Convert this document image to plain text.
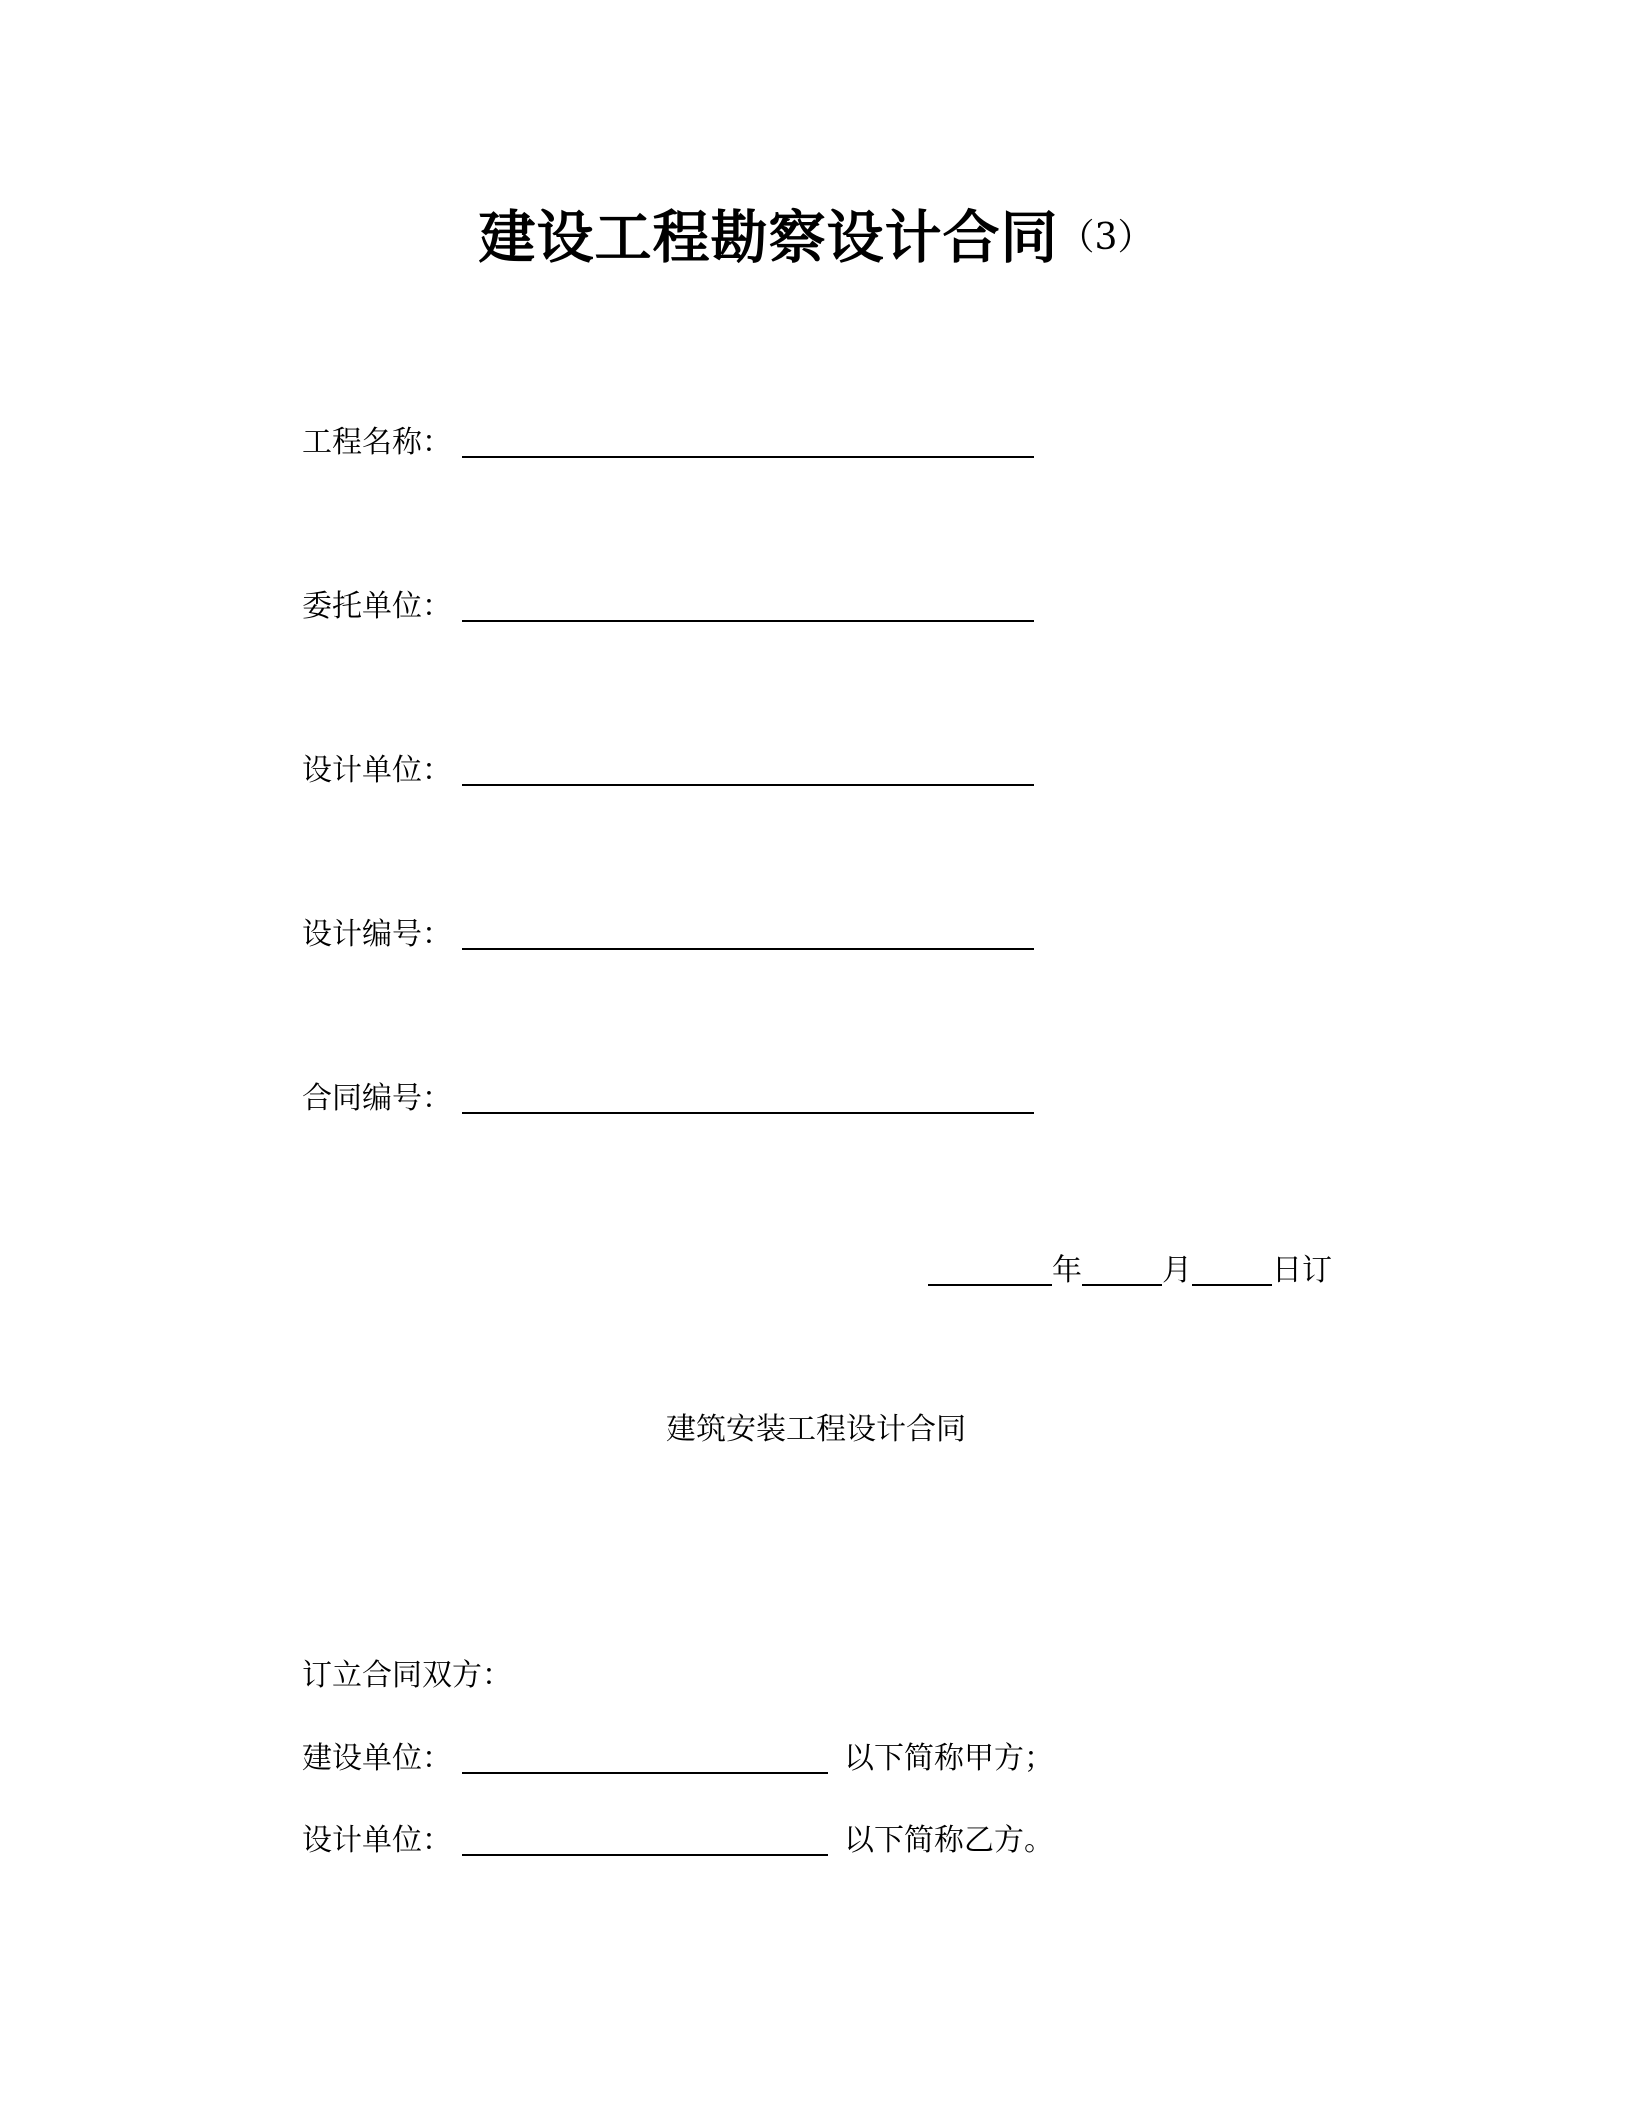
建设工程勘察设计合同（3）
工程名称：
委托单位：
设计单位：
设计编号：
合同编号：
年	月	日订
建筑安装工程设计合同
订立合同双方：
建设单位：	以下简称甲方；
设计单位：	以下简称乙方。
